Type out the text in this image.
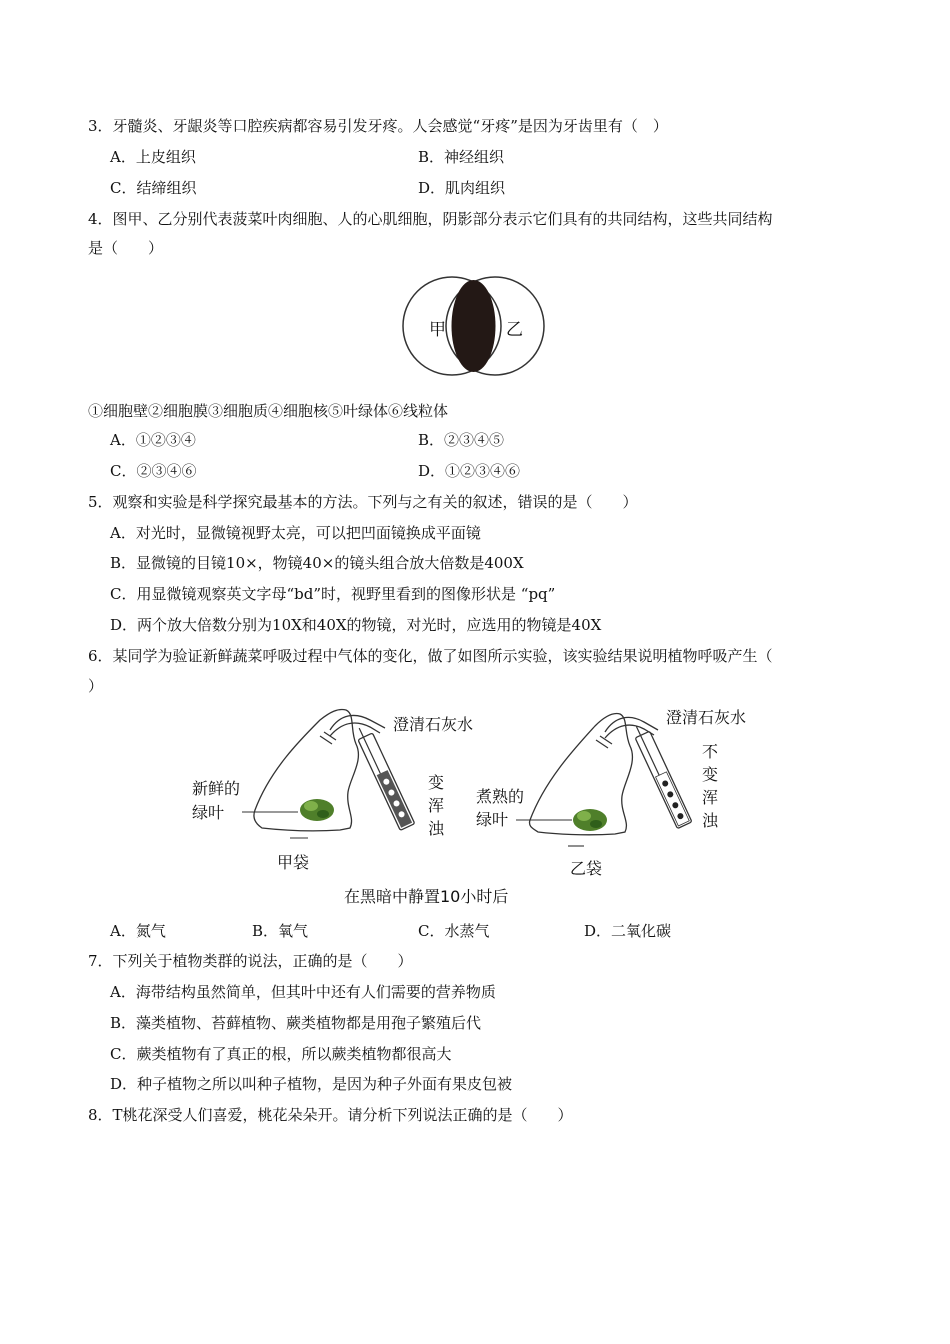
3．牙髓炎、牙龈炎等口腔疾病都容易引发牙疼。人会感觉“牙疼”是因为牙齿里有（　）
A．上皮组织	B．神经组织
C．结缔组织	D．肌肉组织
4．图甲、乙分别代表菠菜叶肉细胞、人的心肌细胞，阴影部分表示它们具有的共同结构，这些共同结构
是（　　）
甲	乙
①细胞壁②细胞膜③细胞质④细胞核⑤叶绿体⑥线粒体
A．①②③④	B．②③④⑤
C．②③④⑥	D．①②③④⑥
5．观察和实验是科学探究最基本的方法。下列与之有关的叙述，错误的是（　　）
A．对光时，显微镜视野太亮，可以把凹面镜换成平面镜
B．显微镜的目镜10×，物镜40×的镜头组合放大倍数是400X
C．用显微镜观察英文字母“bd”时，视野里看到的图像形状是 “pq”
D．两个放大倍数分别为10X和40X的物镜，对光时，应选用的物镜是40X
6．某同学为验证新鲜蔬菜呼吸过程中气体的变化，做了如图所示实验，该实验结果说明植物呼吸产生（
）
澄清石灰水
新鲜的
绿叶
变
浑
浊
甲袋
澄清石灰水
煮熟的
绿叶
不
变
浑
浊
乙袋
在黑暗中静置10小时后
A．氮气	B．氧气	C．水蒸气	D．二氧化碳
7．下列关于植物类群的说法，正确的是（　　）
A．海带结构虽然简单，但其叶中还有人们需要的营养物质
B．藻类植物、苔藓植物、蕨类植物都是用孢子繁殖后代
C．蕨类植物有了真正的根，所以蕨类植物都很高大
D．种子植物之所以叫种子植物，是因为种子外面有果皮包被
8．T桃花深受人们喜爱，桃花朵朵开。请分析下列说法正确的是（　　）
